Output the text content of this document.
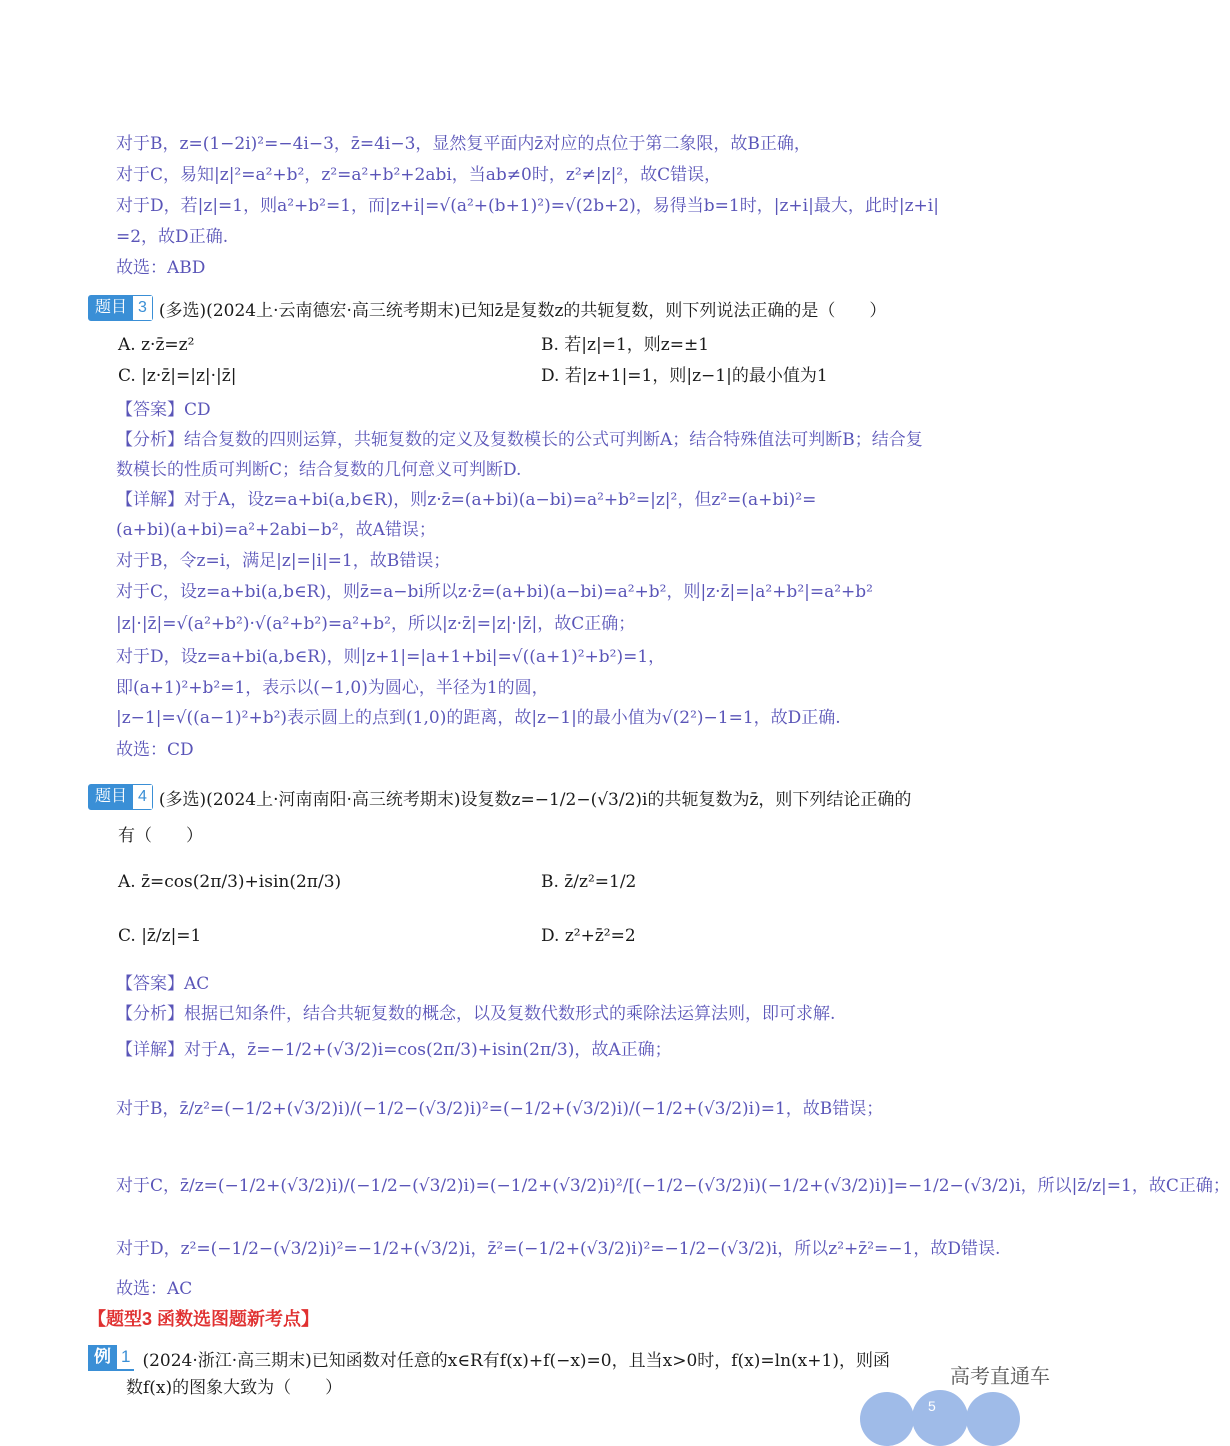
对于B，z=(1−2i)²=−4i−3，z̄=4i−3，显然复平面内z̄对应的点位于第二象限，故B正确，
对于C，易知|z|²=a²+b²，z²=a²+b²+2abi，当ab≠0时，z²≠|z|²，故C错误，
对于D，若|z|=1，则a²+b²=1，而|z+i|=√(a²+(b+1)²)=√(2b+2)，易得当b=1时，|z+i|最大，此时|z+i|
=2，故D正确.
故选：ABD
题目 3 (多选)(2024上·云南德宏·高三统考期末)已知z̄是复数z的共轭复数，则下列说法正确的是（　　）
A. z·z̄=z²	B. 若|z|=1，则z=±1
C. |z·z̄|=|z|·|z̄|	D. 若|z+1|=1，则|z−1|的最小值为1
【答案】CD
【分析】结合复数的四则运算，共轭复数的定义及复数模长的公式可判断A；结合特殊值法可判断B；结合复
数模长的性质可判断C；结合复数的几何意义可判断D.
【详解】对于A，设z=a+bi(a,b∈R)，则z·z̄=(a+bi)(a−bi)=a²+b²=|z|²，但z²=(a+bi)²=
(a+bi)(a+bi)=a²+2abi−b²，故A错误；
对于B，令z=i，满足|z|=|i|=1，故B错误；
对于C，设z=a+bi(a,b∈R)，则z̄=a−bi所以z·z̄=(a+bi)(a−bi)=a²+b²，则|z·z̄|=|a²+b²|=a²+b²
|z|·|z̄|=√(a²+b²)·√(a²+b²)=a²+b²，所以|z·z̄|=|z|·|z̄|，故C正确；
对于D，设z=a+bi(a,b∈R)，则|z+1|=|a+1+bi|=√((a+1)²+b²)=1，
即(a+1)²+b²=1，表示以(−1,0)为圆心，半径为1的圆，
|z−1|=√((a−1)²+b²)表示圆上的点到(1,0)的距离，故|z−1|的最小值为√(2²)−1=1，故D正确.
故选：CD
题目 4 (多选)(2024上·河南南阳·高三统考期末)设复数z=−1/2−(√3/2)i的共轭复数为z̄，则下列结论正确的
有（　　）
A. z̄=cos(2π/3)+isin(2π/3)	B. z̄/z²=1/2
C. |z̄/z|=1	D. z²+z̄²=2
【答案】AC
【分析】根据已知条件，结合共轭复数的概念，以及复数代数形式的乘除法运算法则，即可求解.
【详解】对于A，z̄=−1/2+(√3/2)i=cos(2π/3)+isin(2π/3)，故A正确；
对于B，z̄/z²=(−1/2+(√3/2)i)/(−1/2−(√3/2)i)²=(−1/2+(√3/2)i)/(−1/2+(√3/2)i)=1，故B错误；
对于C，z̄/z=(−1/2+(√3/2)i)/(−1/2−(√3/2)i)=(−1/2+(√3/2)i)²/[(−1/2−(√3/2)i)(−1/2+(√3/2)i)]=−1/2−(√3/2)i，所以|z̄/z|=1，故C正确；
对于D，z²=(−1/2−(√3/2)i)²=−1/2+(√3/2)i，z̄²=(−1/2+(√3/2)i)²=−1/2−(√3/2)i，所以z²+z̄²=−1，故D错误.
故选：AC
【题型3 函数选图题新考点】
例 1 (2024·浙江·高三期末)已知函数对任意的x∈R有f(x)+f(−x)=0，且当x>0时，f(x)=ln(x+1)，则函
数f(x)的图象大致为（　　）
5
高考直通车
